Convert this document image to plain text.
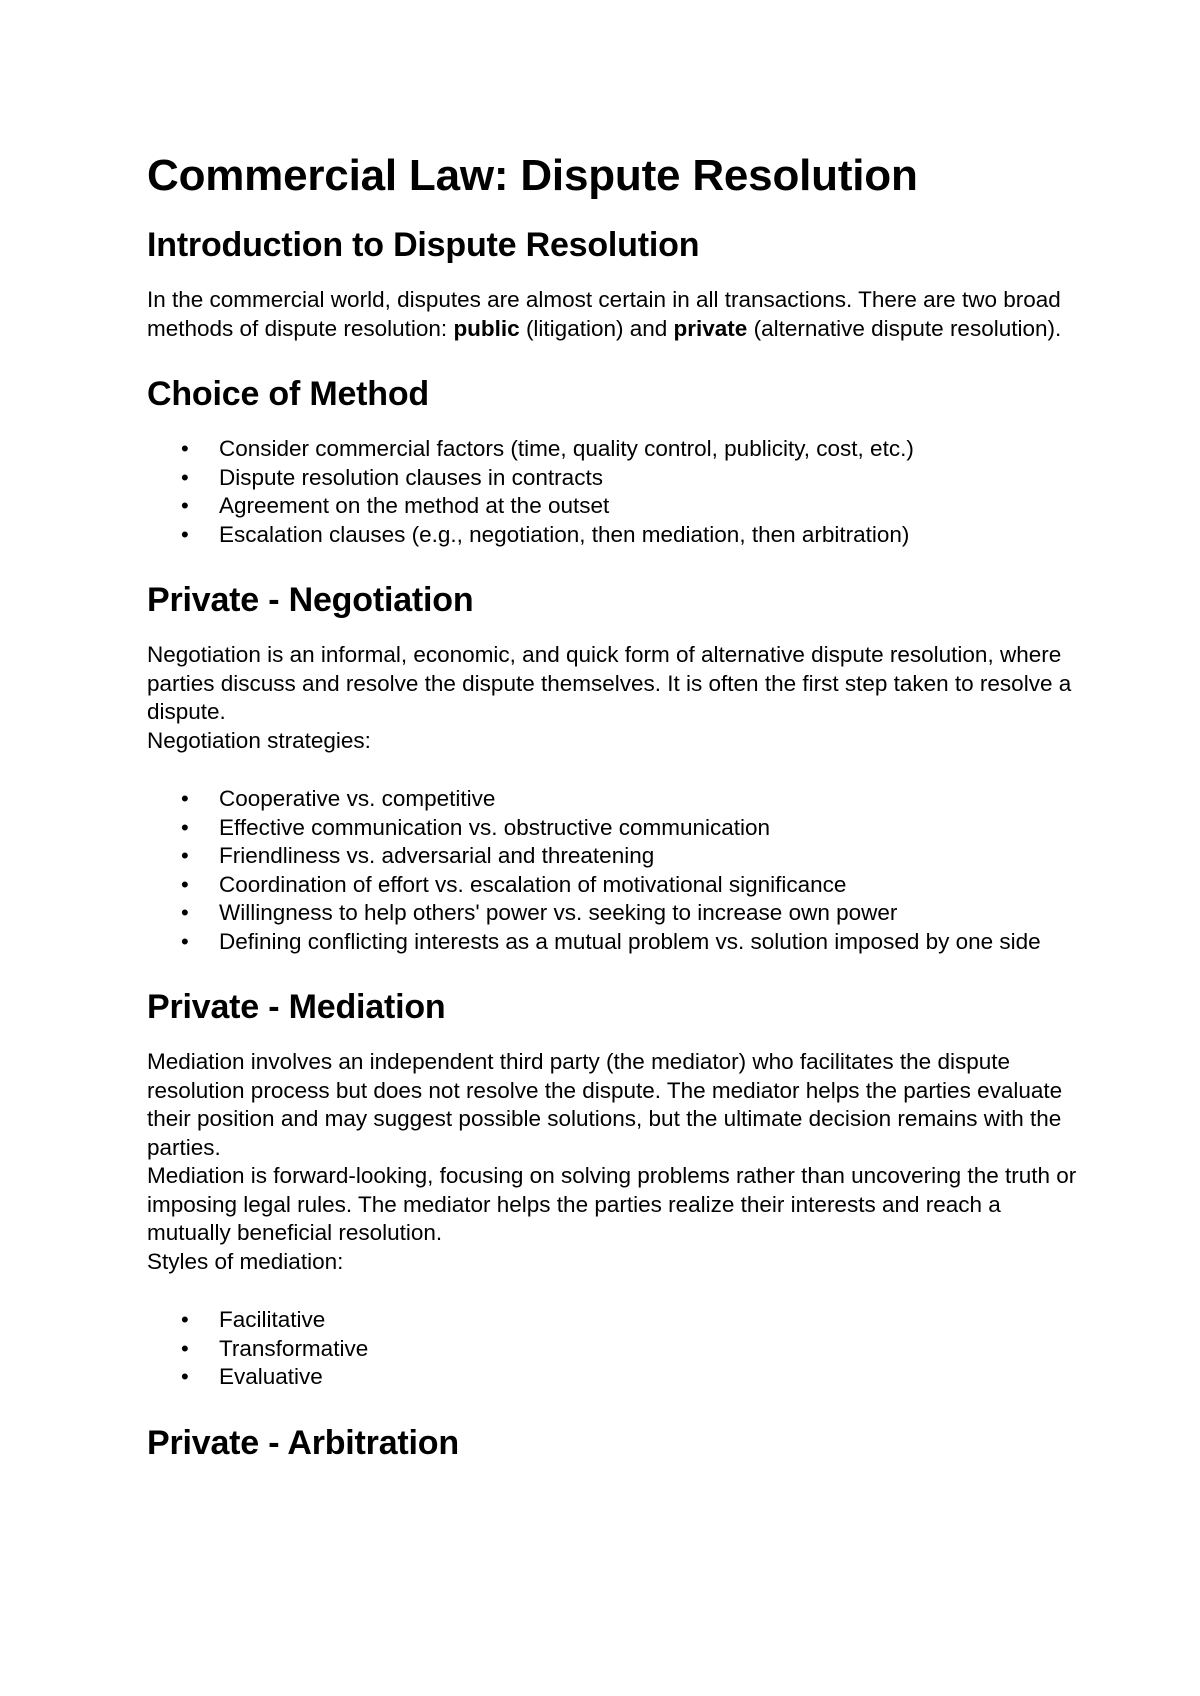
Commercial Law: Dispute Resolution
Introduction to Dispute Resolution

In the commercial world, disputes are almost certain in all transactions. There are two broad methods of dispute resolution: public (litigation) and private (alternative dispute resolution).

Choice of Method
• Consider commercial factors (time, quality control, publicity, cost, etc.)
• Dispute resolution clauses in contracts
• Agreement on the method at the outset
• Escalation clauses (e.g., negotiation, then mediation, then arbitration)
Private - Negotiation

Negotiation is an informal, economic, and quick form of alternative dispute resolution, where parties discuss and resolve the dispute themselves. It is often the first step taken to resolve a dispute.

Negotiation strategies:

• Cooperative vs. competitive
• Effective communication vs. obstructive communication
• Friendliness vs. adversarial and threatening
• Coordination of effort vs. escalation of motivational significance
• Willingness to help others' power vs. seeking to increase own power
• Defining conflicting interests as a mutual problem vs. solution imposed by one side
Private - Mediation

Mediation involves an independent third party (the mediator) who facilitates the dispute resolution process but does not resolve the dispute. The mediator helps the parties evaluate their position and may suggest possible solutions, but the ultimate decision remains with the parties.

Mediation is forward-looking, focusing on solving problems rather than uncovering the truth or imposing legal rules. The mediator helps the parties realize their interests and reach a mutually beneficial resolution.

Styles of mediation:

• Facilitative
• Transformative
• Evaluative
Private - Arbitration
